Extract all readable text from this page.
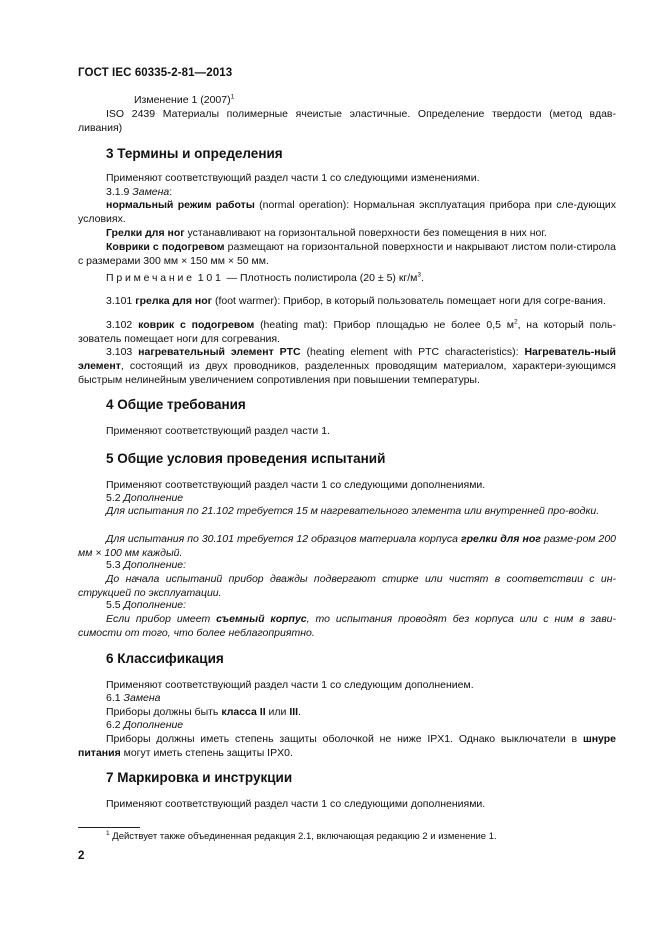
ГОСТ IEC 60335-2-81—2013

Изменение 1 $(2007)^1$

ISO 2439 Материалы полимерные ячеистые эластичные. Определение твердости (метод вдав-ливания)

3 Термины и определения

Применяют соответствующий раздел части 1 со следующими изменениями.

3.1.9 Замена:

нормальный режим работы (normal operation): Нормальная эксплуатация прибора при сле-дующих условиях.

Грелки для ног устанавливают на горизонтальной поверхности без помещения в них ног.

Коврики с подогревом размещают на горизонтальной поверхности и накрывают листом поли-стирола с размерами 300 мм × 150 мм × 50 мм.

Примечание 101 — Плотность полистирола (20 ± 5) $кг/м^3$.

3.101 грелка для ног (foot warmer): Прибор, в который пользователь помещает ноги для согре-вания.

3.102 коврик с подогревом (heating mat): Прибор площадью не более 0,5 $м^2$, на который поль-зователь помещает ноги для согревания.

3.103 нагревательный элемент PTC (heating element with PTC characteristics): Нагреватель-ный элемент, состоящий из двух проводников, разделенных проводящим материалом, характери-зующимся быстрым нелинейным увеличением сопротивления при повышении температуры.

4 Общие требования

Применяют соответствующий раздел части 1.

5 Общие условия проведения испытаний

Применяют соответствующий раздел части 1 со следующими дополнениями.

5.2 Дополнение

Для испытания по 21.102 требуется 15 м нагревательного элемента или внутренней про-водки.

Для испытания по 30.101 требуется 12 образцов материала корпуса грелки для ног разме-ром 200 мм × 100 мм каждый.

5.3 Дополнение:

До начала испытаний прибор дважды подвергают стирке или чистят в соответствии с ин-струкцией по эксплуатации.

5.5 Дополнение:

Если прибор имеет съемный корпус, то испытания проводят без корпуса или с ним в зави-симости от того, что более неблагоприятно.

6 Классификация

Применяют соответствующий раздел части 1 со следующим дополнением.

6.1 Замена

Приборы должны быть класса II или III.

6.2 Дополнение

Приборы должны иметь степень защиты оболочкой не ниже IPX1. Однако выключатели в шнуре питания могут иметь степень защиты IPX0.

7 Маркировка и инструкции

Применяют соответствующий раздел части 1 со следующими дополнениями.

$^1$ Действует также объединенная редакция 2.1, включающая редакцию 2 и изменение 1.

2
